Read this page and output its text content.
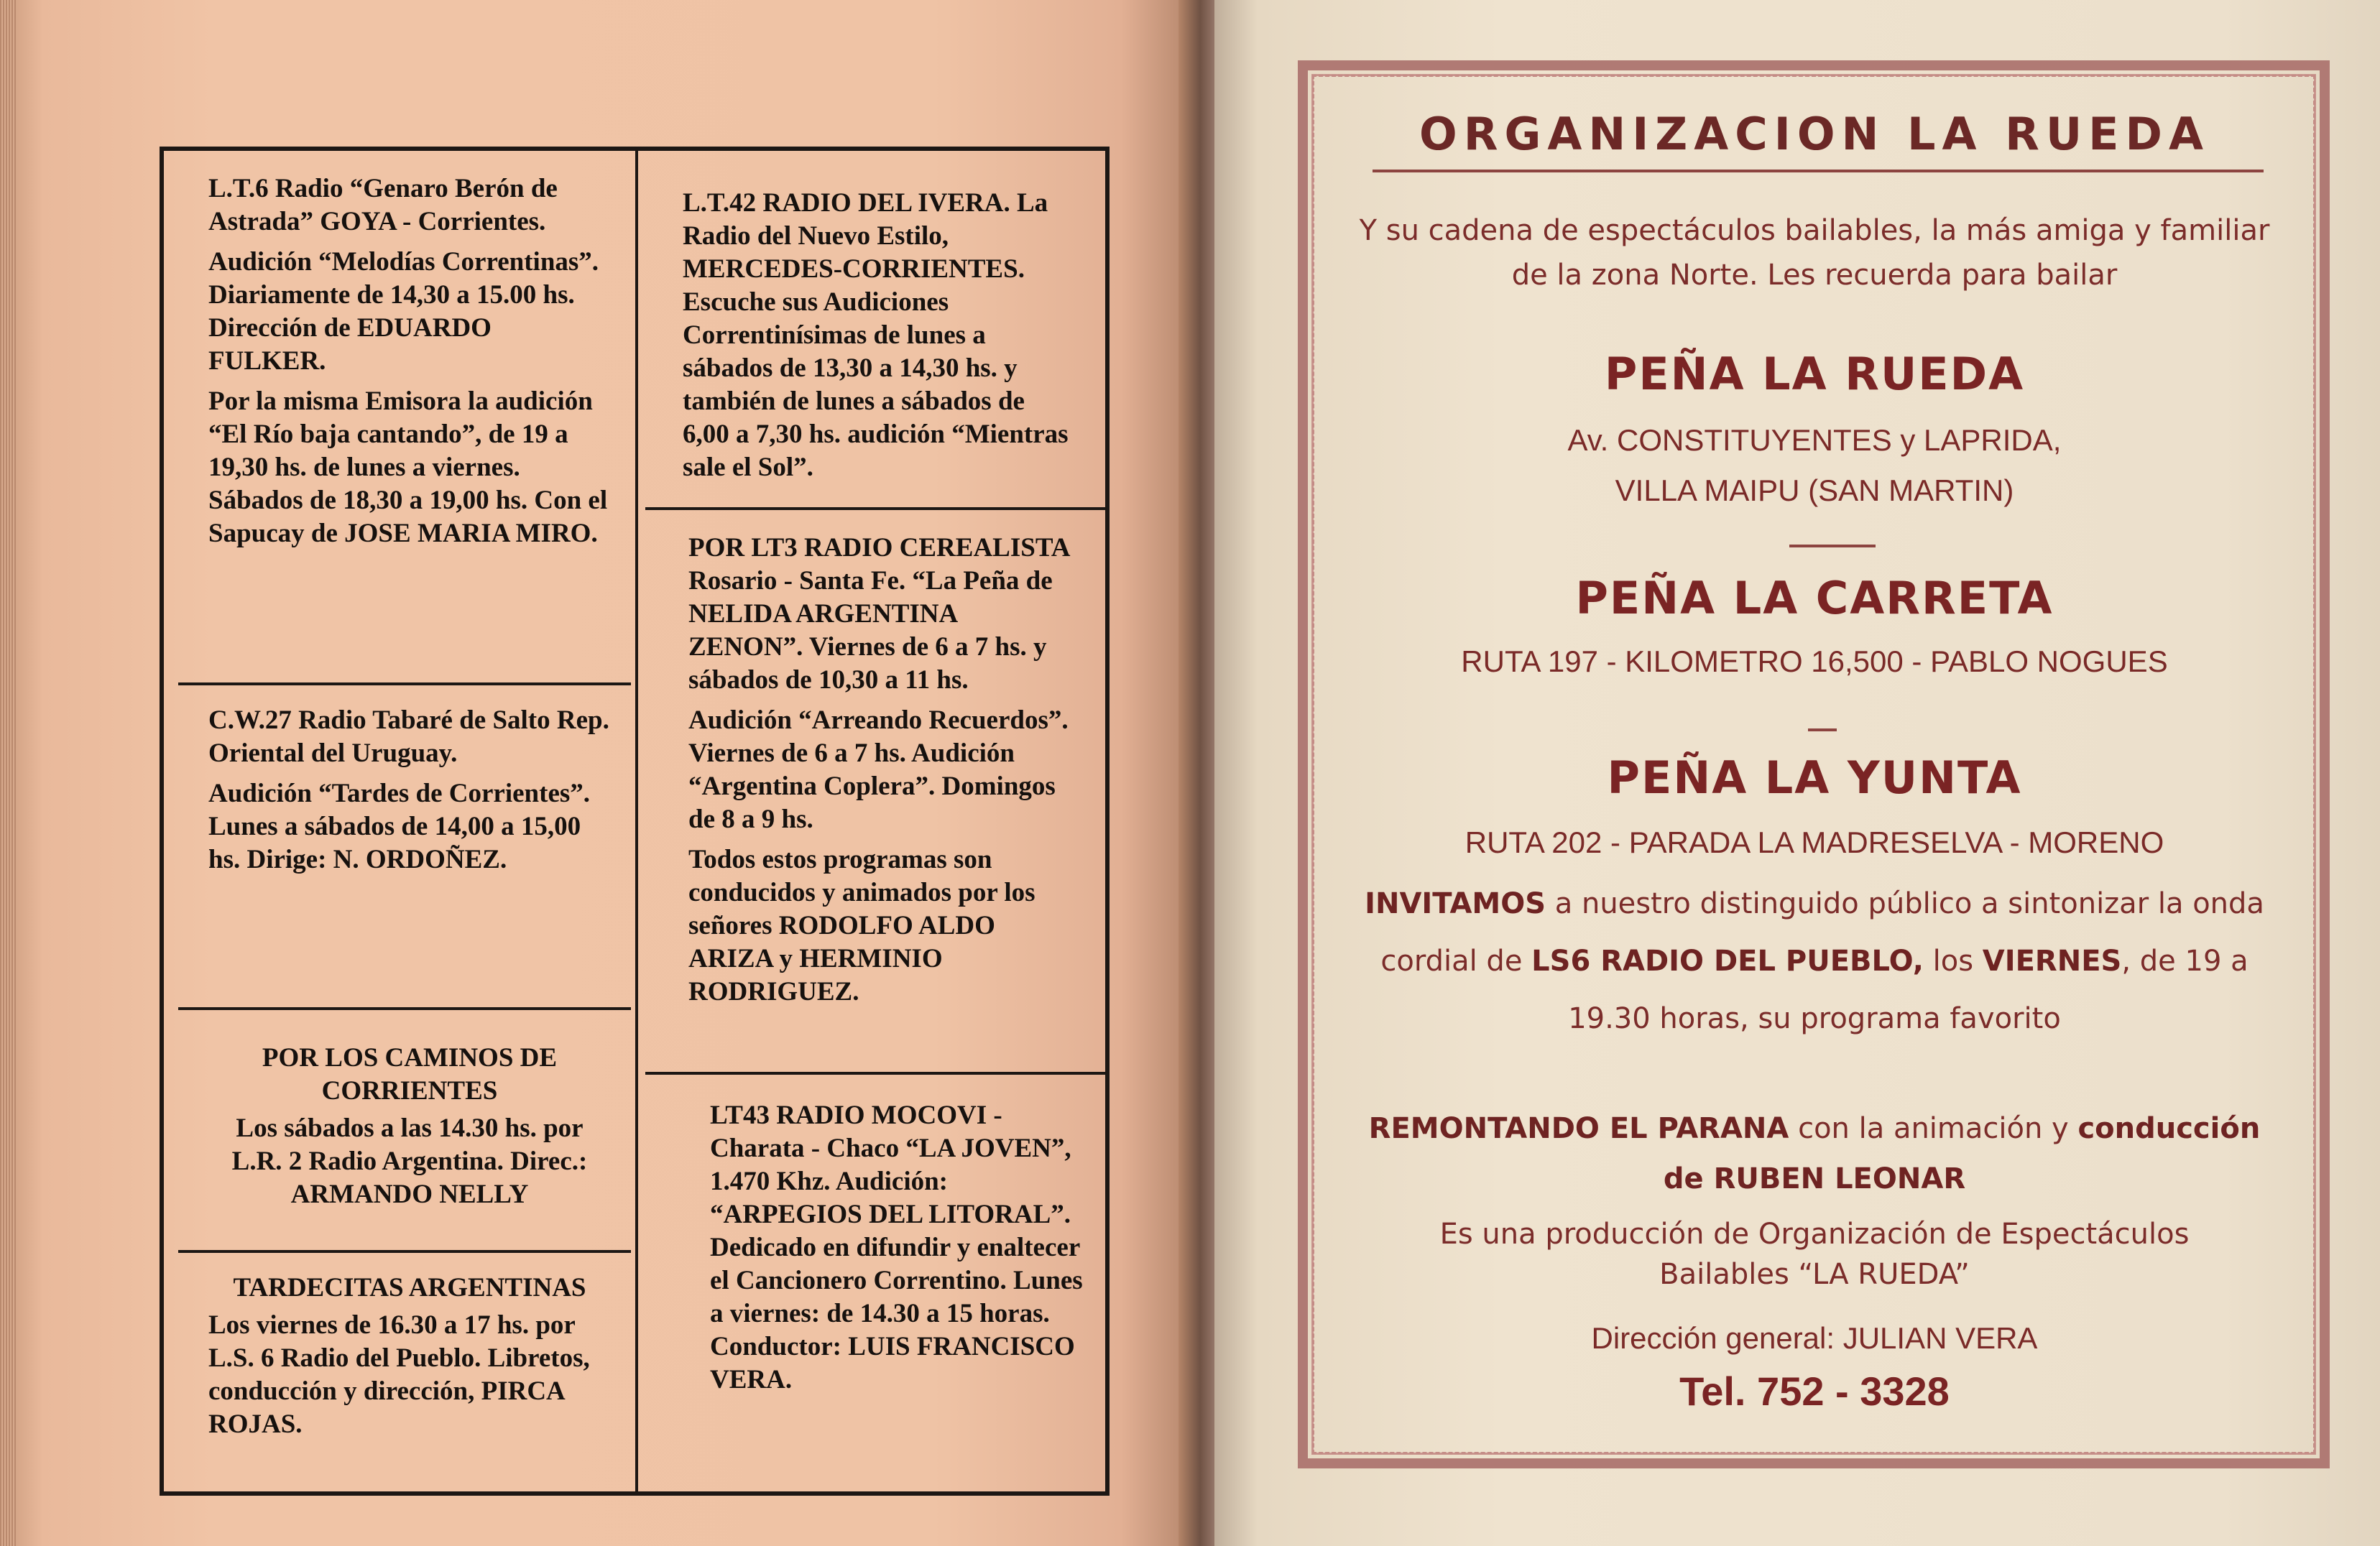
L.T.6 Radio “Genaro Berón de Astrada” GOYA - Corrientes.

Audición “Melodías Correntinas”. Diariamente de 14,30 a 15.00 hs. Dirección de EDUARDO FULKER.

Por la misma Emisora la audición “El Río baja cantando”, de 19 a 19,30 hs. de lunes a viernes. Sábados de 18,30 a 19,00 hs. Con el Sapucay de JOSE MARIA MIRO.

C.W.27 Radio Tabaré de Salto Rep. Oriental del Uruguay.

Audición “Tardes de Corrientes”. Lunes a sábados de 14,00 a 15,00 hs. Dirige: N. ORDOÑEZ.

POR LOS CAMINOS DE CORRIENTES

Los sábados a las 14.30 hs. por L.R. 2 Radio Argentina. Direc.: ARMANDO NELLY

TARDECITAS ARGENTINAS

Los viernes de 16.30 a 17 hs. por L.S. 6 Radio del Pueblo. Libretos, conducción y dirección, PIRCA ROJAS.

L.T.42 RADIO DEL IVERA. La Radio del Nuevo Estilo, MERCEDES-CORRIENTES. Escuche sus Audiciones Correntinísimas de lunes a sábados de 13,30 a 14,30 hs. y también de lunes a sábados de 6,00 a 7,30 hs. audición “Mientras sale el Sol”.

POR LT3 RADIO CEREALISTA Rosario - Santa Fe. “La Peña de NELIDA ARGENTINA ZENON”. Viernes de 6 a 7 hs. y sábados de 10,30 a 11 hs.

Audición “Arreando Recuerdos”. Viernes de 6 a 7 hs. Audición “Argentina Coplera”. Domingos de 8 a 9 hs.

Todos estos programas son conducidos y animados por los señores RODOLFO ALDO ARIZA y HERMINIO RODRIGUEZ.

LT43 RADIO MOCOVI - Charata - Chaco “LA JOVEN”, 1.470 Khz. Audición: “ARPEGIOS DEL LITORAL”. Dedicado en difundir y enaltecer el Cancionero Correntino. Lunes a viernes: de 14.30 a 15 horas. Conductor: LUIS FRANCISCO VERA.

ORGANIZACION LA RUEDA
Y su cadena de espectáculos bailables, la más amiga y familiar de la zona Norte. Les recuerda para bailar
PEÑA LA RUEDA
Av. CONSTITUYENTES y LAPRIDA,
VILLA MAIPU (SAN MARTIN)
PEÑA LA CARRETA
RUTA 197 - KILOMETRO 16,500 - PABLO NOGUES
PEÑA LA YUNTA
RUTA 202 - PARADA LA MADRESELVA - MORENO
INVITAMOS a nuestro distinguido público a sintonizar la onda cordial de LS6 RADIO DEL PUEBLO, los VIERNES, de 19 a 19.30 horas, su programa favorito
REMONTANDO EL PARANA con la animación y conducción de RUBEN LEONAR
Es una producción de Organización de Espectáculos Bailables “LA RUEDA”
Dirección general: JULIAN VERA
Tel. 752 - 3328
